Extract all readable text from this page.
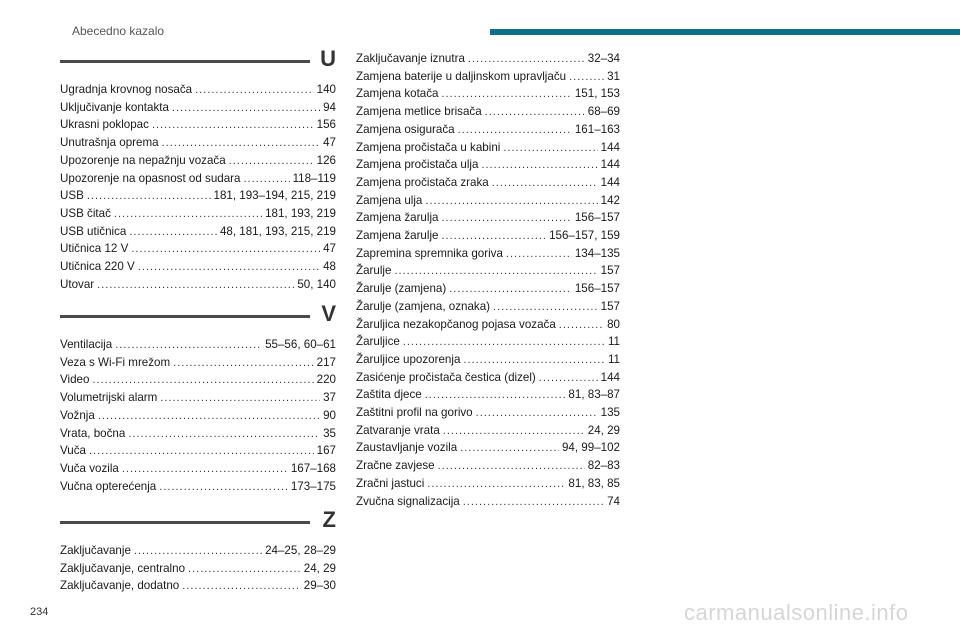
Abecedno kazalo
U
Ugradnja krovnog nosača .....	140
Uključivanje kontakta .....	94
Ukrasni poklopac .....	156
Unutrašnja oprema .....	47
Upozorenje na nepažnju vozača .....	126
Upozorenje na opasnost od sudara .....	118–119
USB .....	181, 193–194, 215, 219
USB čitač .....	181, 193, 219
USB utičnica .....	48, 181, 193, 215, 219
Utičnica 12 V .....	47
Utičnica 220 V .....	48
Utovar .....	50, 140
V
Ventilacija .....	55–56, 60–61
Veza s Wi-Fi mrežom .....	217
Video .....	220
Volumetrijski alarm .....	37
Vožnja .....	90
Vrata, bočna .....	35
Vuča .....	167
Vuča vozila .....	167–168
Vučna opterećenja .....	173–175
Z
Zaključavanje .....	24–25, 28–29
Zaključavanje, centralno .....	24, 29
Zaključavanje, dodatno .....	29–30
Zaključavanje iznutra .....	32–34
Zamjena baterije u daljinskom upravljaču .....	31
Zamjena kotača .....	151, 153
Zamjena metlice brisača .....	68–69
Zamjena osigurača .....	161–163
Zamjena pročistača u kabini .....	144
Zamjena pročistača ulja .....	144
Zamjena pročistača zraka .....	144
Zamjena ulja .....	142
Zamjena žarulja .....	156–157
Zamjena žarulje .....	156–157, 159
Zapremina spremnika goriva .....	134–135
Žarulje .....	157
Žarulje (zamjena) .....	156–157
Žarulje (zamjena, oznaka) .....	157
Žaruljica nezakopčanog pojasa vozača .....	80
Žaruljice .....	11
Žaruljice upozorenja .....	11
Zasićenje pročistača čestica (dizel) .....	144
Zaštita djece .....	81, 83–87
Zaštitni profil na gorivo .....	135
Zatvaranje vrata .....	24, 29
Zaustavljanje vozila .....	94, 99–102
Zračne zavjese .....	82–83
Zračni jastuci .....	81, 83, 85
Zvučna signalizacija .....	74
234	carmanualsonline.info
